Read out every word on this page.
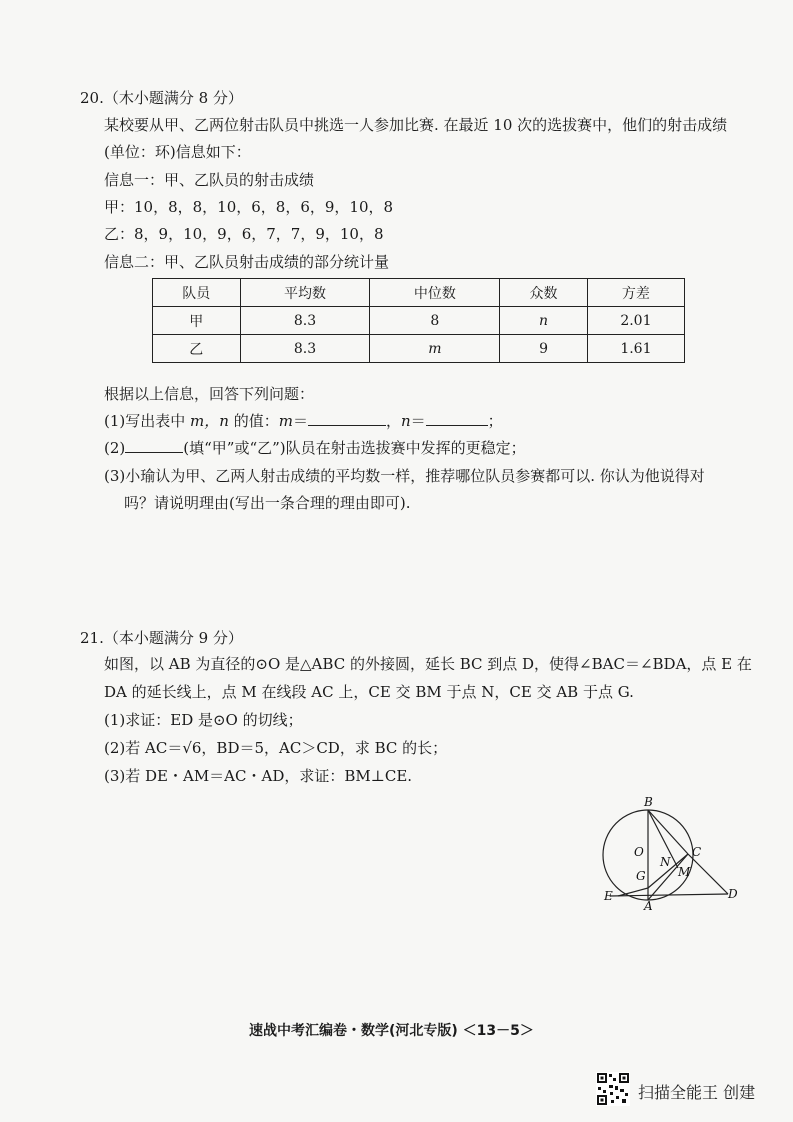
20.（木小题满分 8 分）
某校要从甲、乙两位射击队员中挑选一人参加比赛. 在最近 10 次的选拔赛中，他们的射击成绩
(单位：环)信息如下：
信息一：甲、乙队员的射击成绩
甲：10，8，8，10，6，8，6，9，10，8
乙：8，9，10，9，6，7，7，9，10，8
信息二：甲、乙队员射击成绩的部分统计量
队员	平均数	中位数	众数	方差
甲	8.3	8	n	2.01
乙	8.3	m	9	1.61
根据以上信息，回答下列问题：
(1)写出表中 m，n 的值：m＝	，n＝	；
(2)	(填“甲”或“乙”)队员在射击选拔赛中发挥的更稳定；
(3)小瑜认为甲、乙两人射击成绩的平均数一样，推荐哪位队员参赛都可以. 你认为他说得对
吗？请说明理由(写出一条合理的理由即可).
21.（本小题满分 9 分）
如图，以 AB 为直径的⊙O 是△ABC 的外接圆，延长 BC 到点 D，使得∠BAC＝∠BDA，点 E 在
DA 的延长线上，点 M 在线段 AC 上，CE 交 BM 于点 N，CE 交 AB 于点 G.
(1)求证：ED 是⊙O 的切线；
(2)若 AC＝√6，BD＝5，AC＞CD，求 BC 的长；
(3)若 DE・AM＝AC・AD，求证：BM⊥CE.
B
O	C
N
M
G
E
A
D
速战中考汇编卷・数学(河北专版) ＜13－5＞
扫描全能王 创建
